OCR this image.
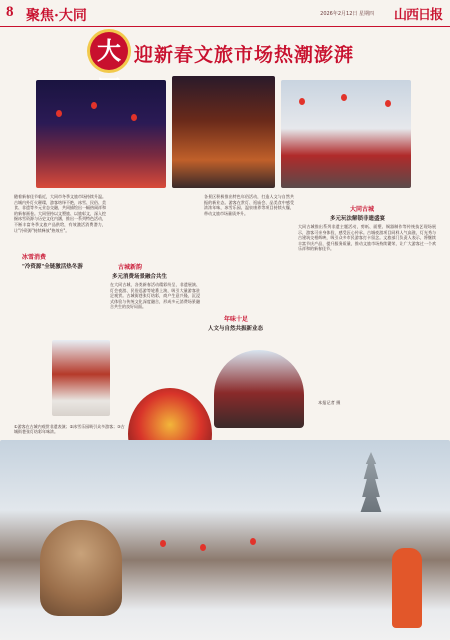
8 聚焦·大同	2026年2月12日 星期四 山西日报
大 迎新春文旅市场热潮澎湃
随着新春佳节临近，大同市冬季文旅市场持续升温。古城内外灯火璀璨，游客络绎不绝，冰雪、民俗、美食、非遗等多元业态交融，共同描绘出一幅热闹祥和的新春画卷。大同坚持以文塑旅、以旅彰文，深入挖掘冰雪资源与历史文化内涵，推出一系列特色活动，不断丰富冬季文旅产品供给，有效激活消费潜力，让"冷资源"持续释放"热效应"。
冰雪消费
"冷资源"全链激活热冬游	古城新韵
多元消费场景融合共生
在大同古城，各类新春活动精彩纷呈，非遗展演、灯会夜游、民俗巡游等轮番上演，吸引大量游客驻足观赏。古城街巷张灯结彩，商户生意兴隆，沉浸式体验与传统文化深度融合，形成多元消费场景融合共生的良好局面。
年味十足
人文与自然共振新业态
各景区积极推出特色年俗活动，打造人文与自然共振的新业态。游客在赏灯、逛庙会、品美食中感受浓浓年味，冰雪乐园、温泉康养等项目持续火爆，带动文旅市场量质齐升。
大同古城
多元玩法解锁非遗盛宴
大同古城推出系列非遗主题活动，剪纸、面塑、铜器制作等传统技艺现场展示，游客可亲身体验，感受匠心传承。古城夜游项目同样人气高涨，灯光秀与古建筑交相辉映，吸引众多市民游客打卡留念。文旅部门负责人表示，将继续丰富节庆产品，提升服务质量，推动文旅市场持续繁荣，让广大游客过一个欢乐祥和的新春佳节。
本报记者 摄
①游客在古城内观赏非遗表演；②冰雪乐园吸引众多游客；③古城街巷张灯结彩年味浓。
